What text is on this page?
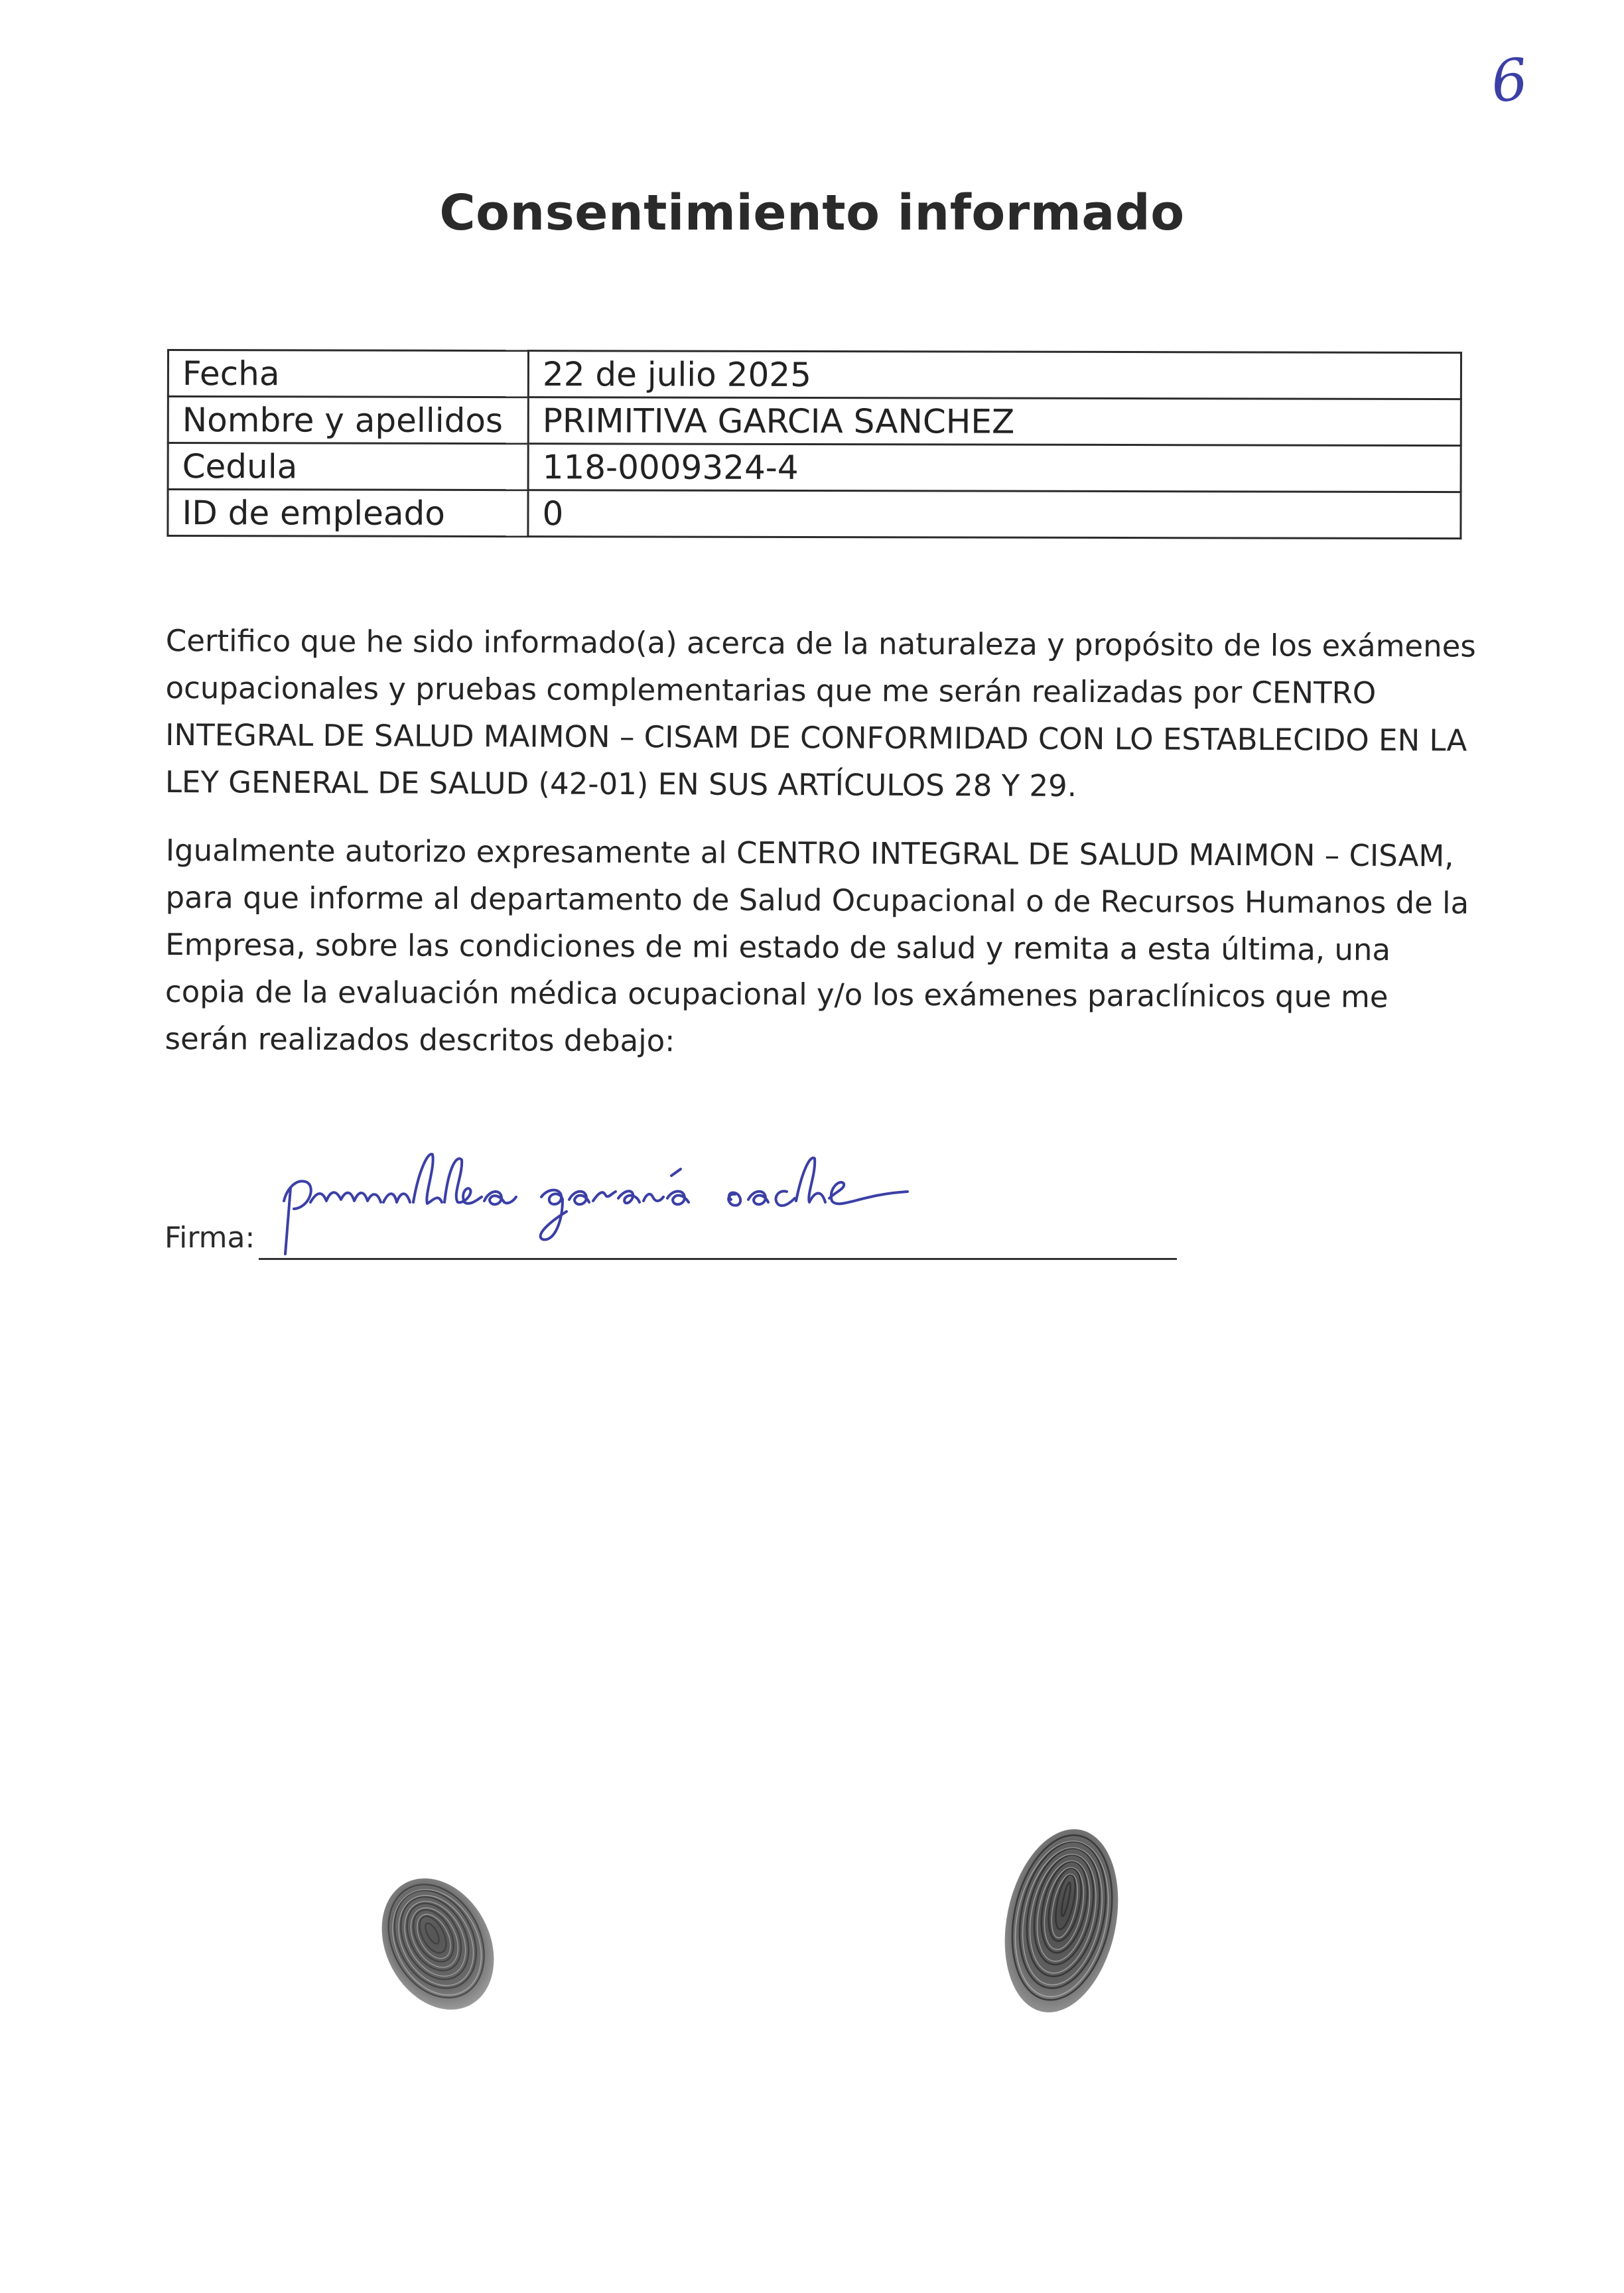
6
Consentimiento informado
Fecha	22 de julio 2025
Nombre y apellidos	PRIMITIVA GARCIA SANCHEZ
Cedula	118-0009324-4
ID de empleado	0
Certifico que he sido informado(a) acerca de la naturaleza y propósito de los exámenes ocupacionales y pruebas complementarias que me serán realizadas por CENTRO INTEGRAL DE SALUD MAIMON – CISAM DE CONFORMIDAD CON LO ESTABLECIDO EN LA LEY GENERAL DE SALUD (42-01) EN SUS ARTÍCULOS 28 Y 29.
Igualmente autorizo expresamente al CENTRO INTEGRAL DE SALUD MAIMON – CISAM, para que informe al departamento de Salud Ocupacional o de Recursos Humanos de la Empresa, sobre las condiciones de mi estado de salud y remita a esta última, una copia de la evaluación médica ocupacional y/o los exámenes paraclínicos que me serán realizados descritos debajo:
Firma:
